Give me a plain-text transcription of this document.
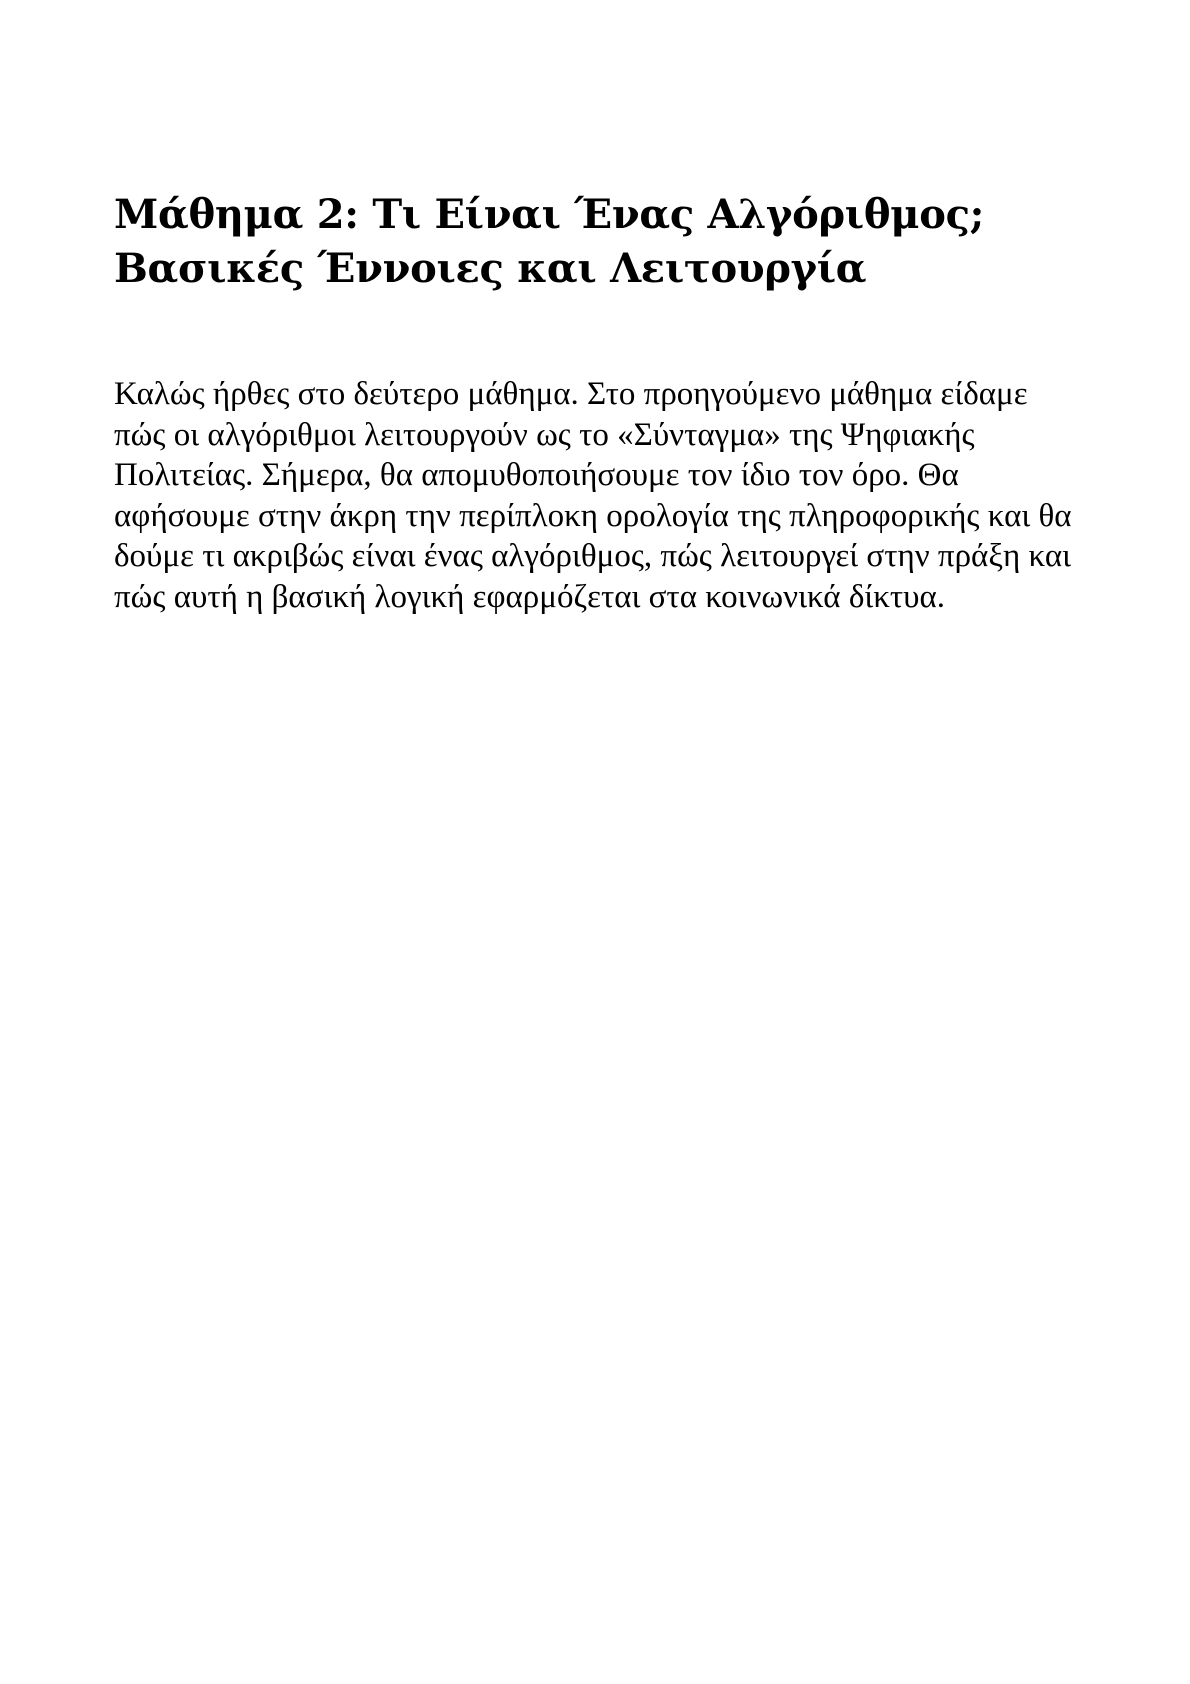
Μάθημα 2: Τι Είναι Ένας Αλγόριθμος; Βασικές Έννοιες και Λειτουργία

Καλώς ήρθες στο δεύτερο μάθημα. Στο προηγούμενο μάθημα είδαμε πώς οι αλγόριθμοι λειτουργούν ως το «Σύνταγμα» της Ψηφιακής Πολιτείας. Σήμερα, θα απομυθοποιήσουμε τον ίδιο τον όρο. Θα αφήσουμε στην άκρη την περίπλοκη ορολογία της πληροφορικής και θα δούμε τι ακριβώς είναι ένας αλγόριθμος, πώς λειτουργεί στην πράξη και πώς αυτή η βασική λογική εφαρμόζεται στα κοινωνικά δίκτυα.
